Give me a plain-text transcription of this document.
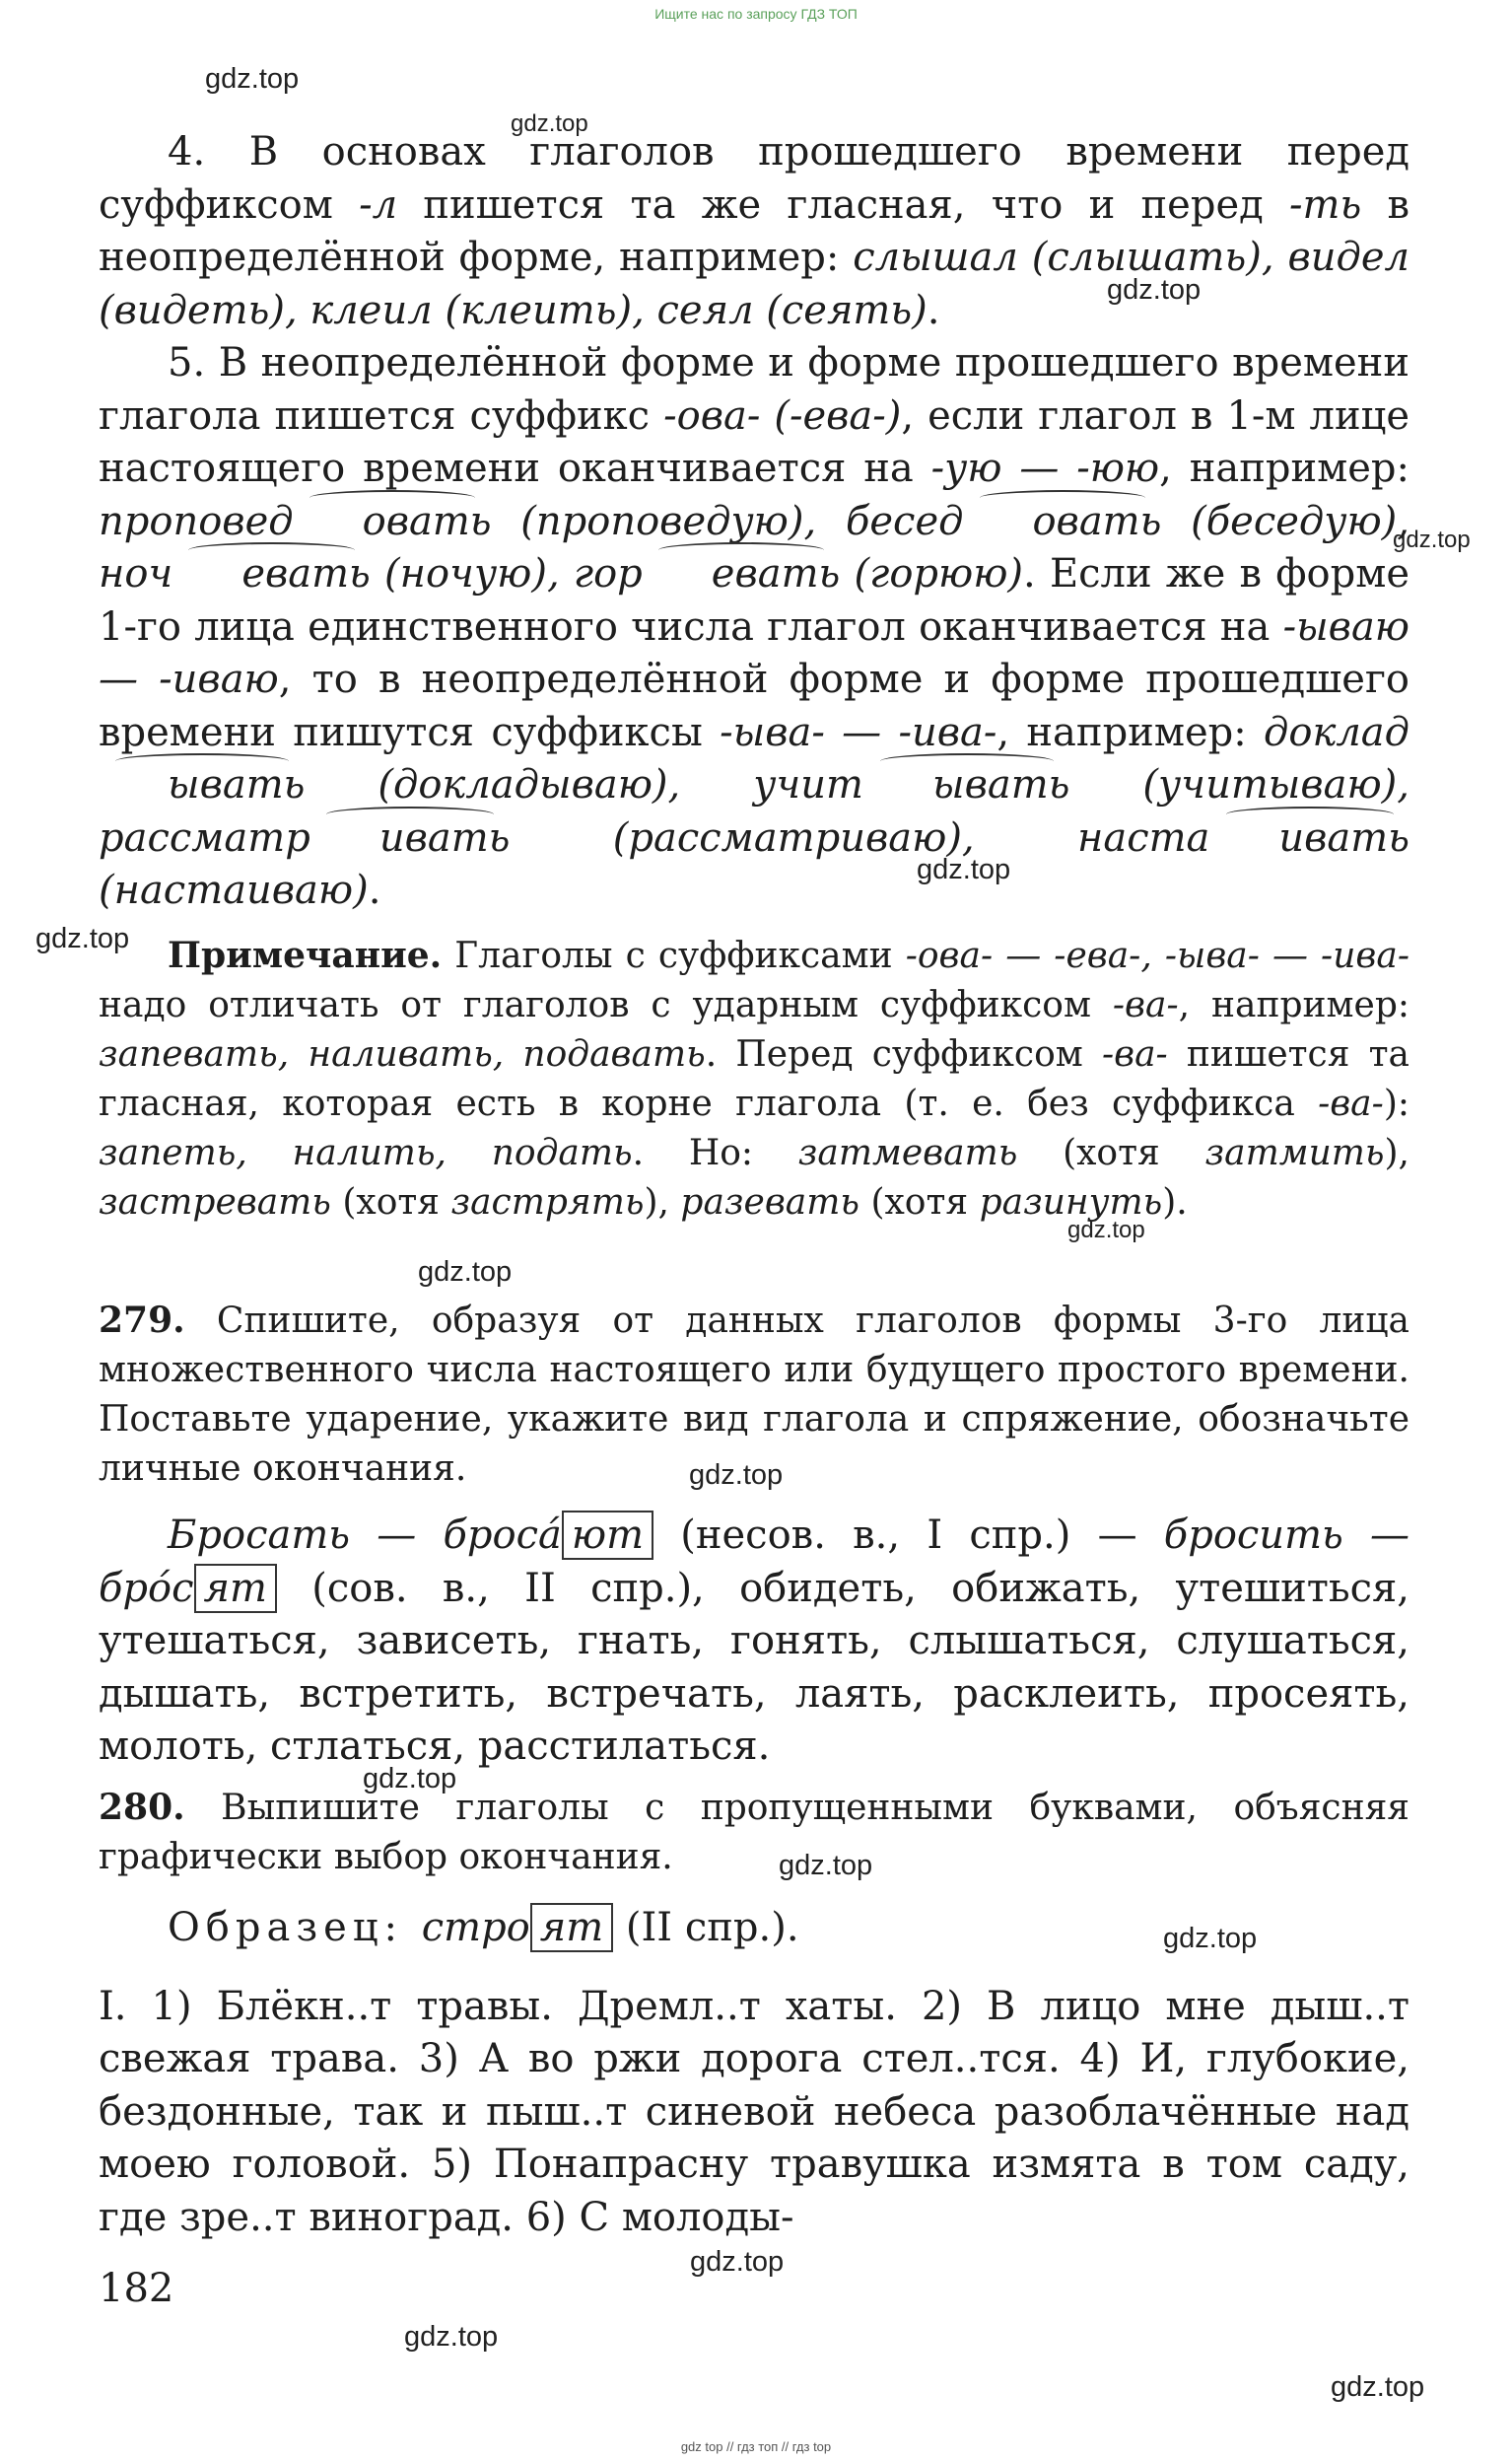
Ищите нас по запросу ГДЗ ТОП
gdz.top
gdz.top
gdz.top
gdz.top
gdz.top
gdz.top
gdz.top
gdz.top
gdz.top
gdz.top
gdz.top
gdz.top
gdz.top
gdz.top
gdz.top

4. В основах глаголов прошедшего времени перед суффиксом -л пишется та же гласная, что и перед -ть в неопределённой форме, например: слышал (слышать), видел (видеть), клеил (клеить), сеял (сеять).

5. В неопределённой форме и форме прошедшего времени глагола пишется суффикс -ова- (-ева-), если глагол в 1-м лице настоящего времени оканчивается на -ую — -юю, например: проповед овать (проповедую), бесед овать (беседую), ноч евать (ночую), гор евать (горюю). Если же в форме 1-го лица единственного числа глагол оканчивается на -ываю — -иваю, то в неопределённой форме и форме прошедшего времени пишутся суффиксы -ыва- — -ива-, например: докладывать (докладываю), учит ывать (учитываю), рассматр ивать (рассматриваю), наста ивать (настаиваю).

Примечание. Глаголы с суффиксами -ова- — -ева-, -ыва- — -ива- надо отличать от глаголов с ударным суффиксом -ва-, например: запевать, наливать, подавать. Перед суффиксом -ва- пишется та гласная, которая есть в корне глагола (т. е. без суффикса -ва-): запеть, налить, подать. Но: затмевать (хотя затмить), застревать (хотя застрять), разевать (хотя разинуть).

279. Спишите, образуя от данных глаголов формы 3-го лица множественного числа настоящего или будущего простого времени. Поставьте ударение, укажите вид глагола и спряжение, обозначьте личные окончания.

Бросать — бросá ют (несов. в., I спр.) — бросить — брóс ят (сов. в., II спр.), обидеть, обижать, утешиться, утешаться, зависеть, гнать, гонять, слышаться, слушаться, дышать, встретить, встречать, лаять, расклеить, просеять, молоть, стлаться, расстилаться.

280. Выпишите глаголы с пропущенными буквами, объясняя графически выбор окончания.

Образец: стро ят (II спр.).

I. 1) Блёкн..т травы. Дремл..т хаты. 2) В лицо мне дыш..т свежая трава. 3) А во ржи дорога стел..тся. 4) И, глубокие, бездонные, так и пыш..т синевой небеса разоблачённые над моею головой. 5) Понапрасну травушка измята в том саду, где зре..т виноград. 6) С молоды-

182
gdz top // гдз топ // гдз top
